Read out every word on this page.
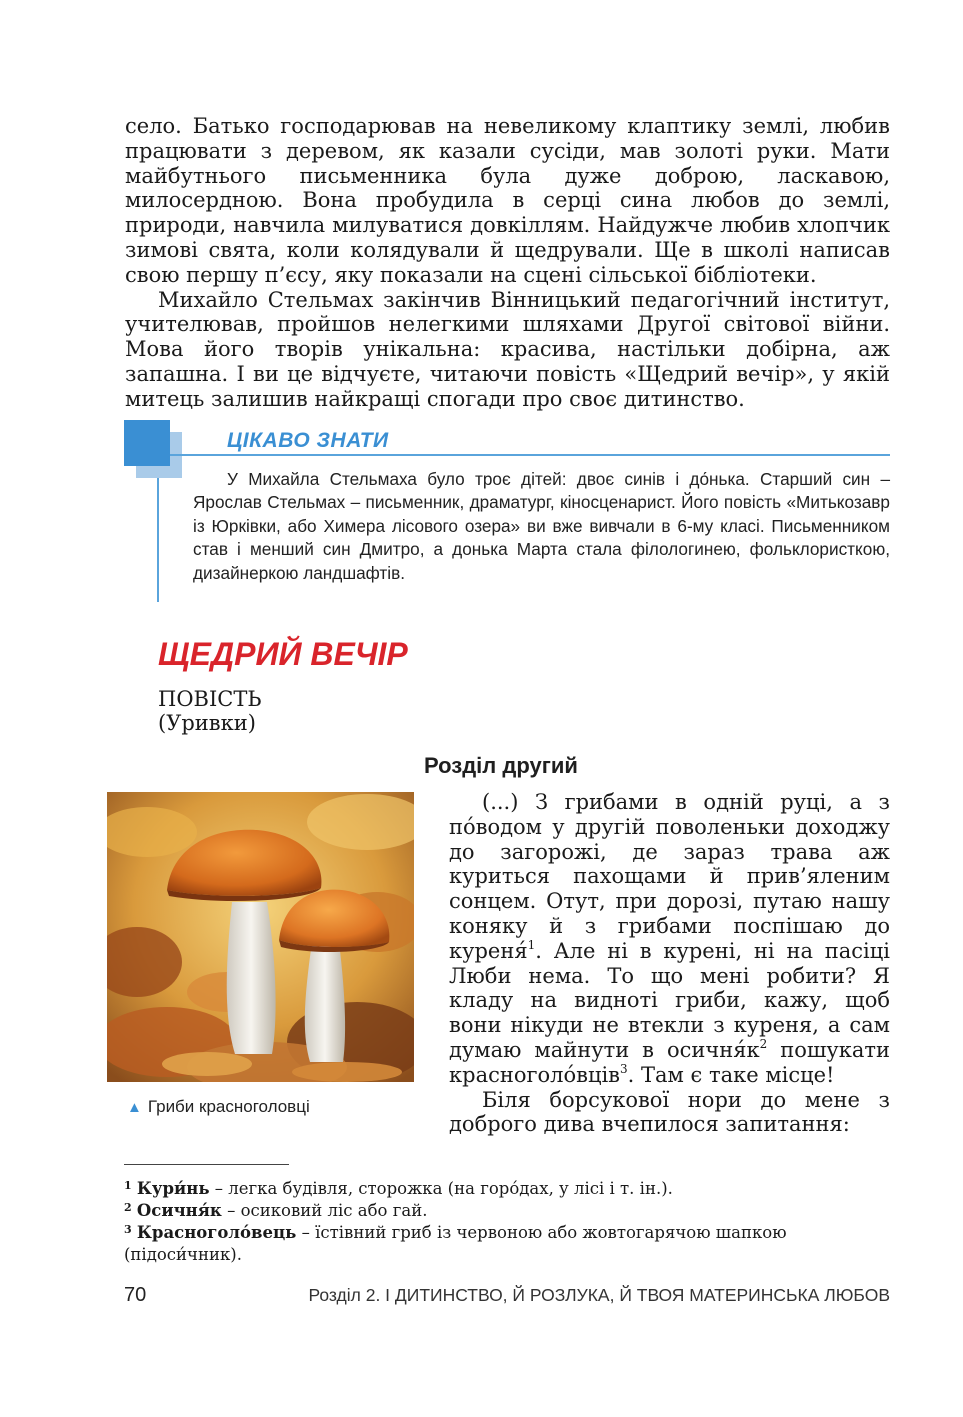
село. Батько господарював на невеликому клаптику землі, любив працювати з деревом, як казали сусіди, мав золоті руки. Мати майбутнього письменника була дуже доброю, ласкавою, милосердною. Вона пробудила в серці сина любов до землі, природи, навчила милуватися довкіллям. Найдужче любив хлопчик зимові свята, коли колядували й щедрували. Ще в школі написав свою першу п’єсу, яку показали на сцені сільської бібліотеки.

Михайло Стельмах закінчив Вінницький педагогічний інститут, учителював, пройшов нелегкими шляхами Другої світової війни. Мова його творів унікальна: красива, настільки добірна, аж запашна. І ви це відчуєте, читаючи повість «Щедрий вечір», у якій митець залишив найкращі спогади про своє дитинство.

ЦІКАВО ЗНАТИ

У Михайла Стельмаха було троє дітей: двоє синів і до́нька. Старший син – Ярослав Стельмах – письменник, драматург, кіносценарист. Його повість «Митькозавр із Юрківки, або Химера лісового озера» ви вже вивчали в 6-му класі. Письменником став і менший син Дмитро, а донька Марта стала філологинею, фольклористкою, дизайнеркою ландшафтів.

ЩЕДРИЙ ВЕЧІР
ПОВІСТЬ
(Уривки)
Розділ другий
▲ Гриби красноголовці

(...) З грибами в одній руці, а з по́водом у другій поволеньки доходжу до загорожі, де зараз трава аж куриться пахощами й прив’яленим сонцем. Отут, при дорозі, путаю нашу коняку й з грибами поспішаю до куреня́$^1$. Але ні в курені, ні на пасіці Люби нема. То що мені робити? Я кладу на видноті гриби, кажу, щоб вони нікуди не втекли з куреня, а сам думаю майнути в $осичня́к^2$ пошукати красноголо́вців$^3$. Там є таке місце!

Біля борсукової нори до мене з доброго дива вчепилося запитання:

$^1$ Кури́нь – легка будівля, сторожка (на горо́дах, у лісі і т. ін.).

$^2$ Осичня́к – осиковий ліс або гай.

$^3$ Красноголо́вець – їстівний гриб із червоною або жовтогарячою шапкою (підоси́чник).

70	Розділ 2. І ДИТИНСТВО, Й РОЗЛУКА, Й ТВОЯ МАТЕРИНСЬКА ЛЮБОВ
